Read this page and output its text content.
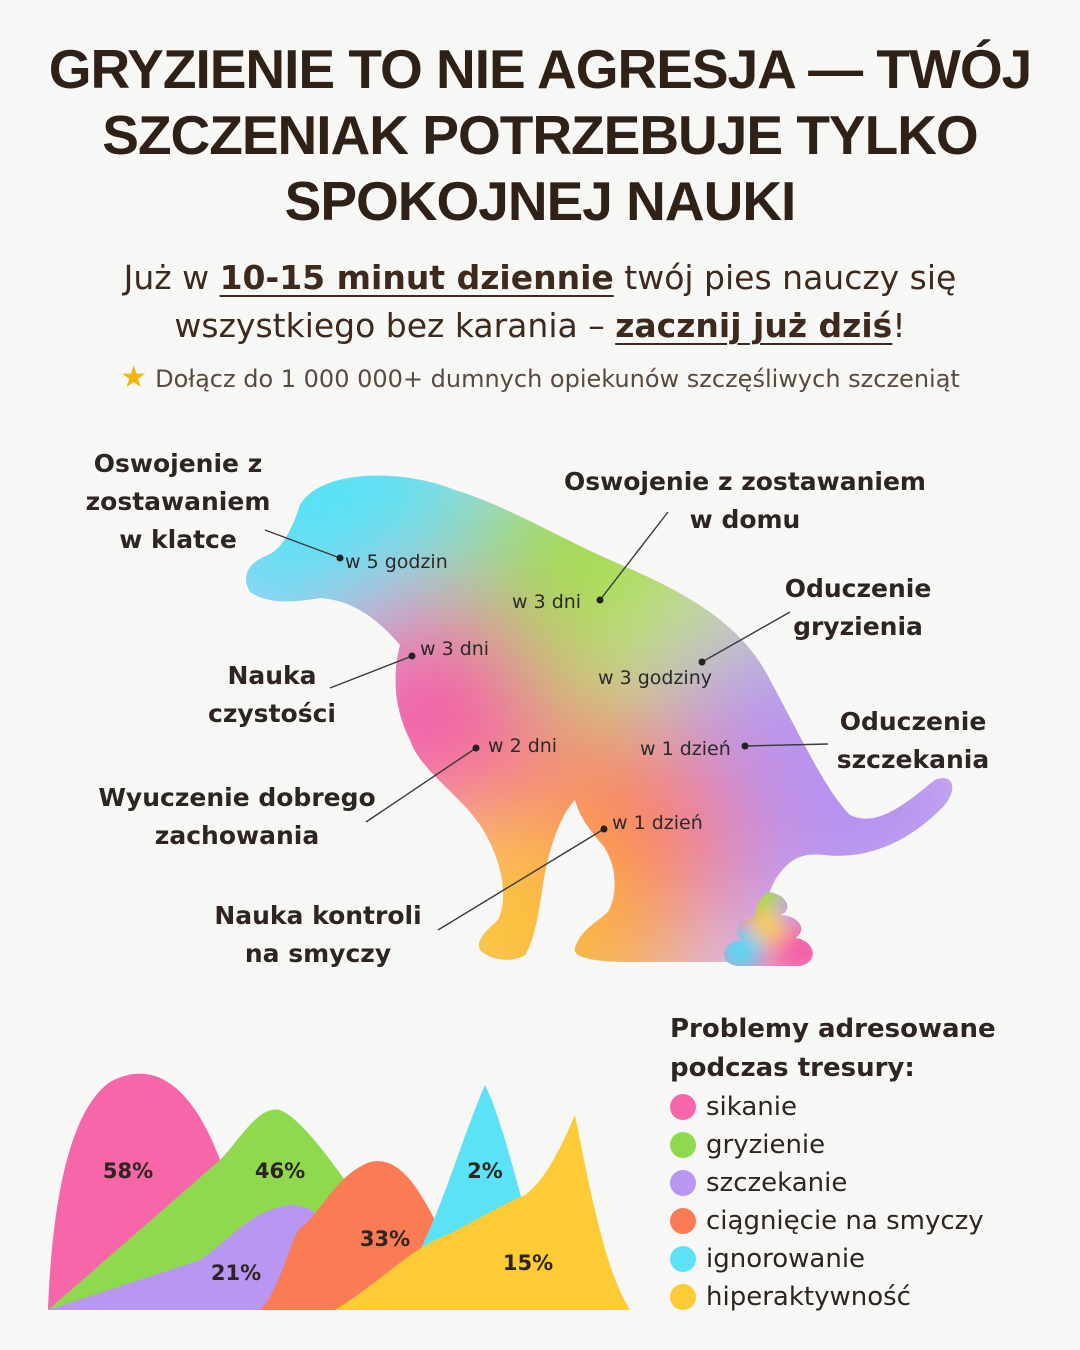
GRYZIENIE TO NIE AGRESJA — TWÓJ
SZCZENIAK POTRZEBUJE TYLKO
SPOKOJNEJ NAUKI
Już w 10-15 minut dziennie twój pies nauczy się wszystkiego bez karania – zacznij już dziś!
★ Dołącz do 1 000 000+ dumnych opiekunów szczęśliwych szczeniąt
w 5 godzin
Oswojenie z
zostawaniem
w klatce
w 3 dni
Oswojenie z zostawaniem
w domu
w 3 godziny
Oduczenie
gryzienia
w 3 dni
Nauka
czystości
w 1 dzień
Oduczenie
szczekania
w 2 dni
Wyuczenie dobrego
zachowania	w 1 dzień
Nauka kontroli
na smyczy
58%	46%
21%
33%
2%
15%
Problemy adresowane
podczas tresury:
sikanie
gryzienie
szczekanie
ciągnięcie na smyczy
ignorowanie
hiperaktywność
